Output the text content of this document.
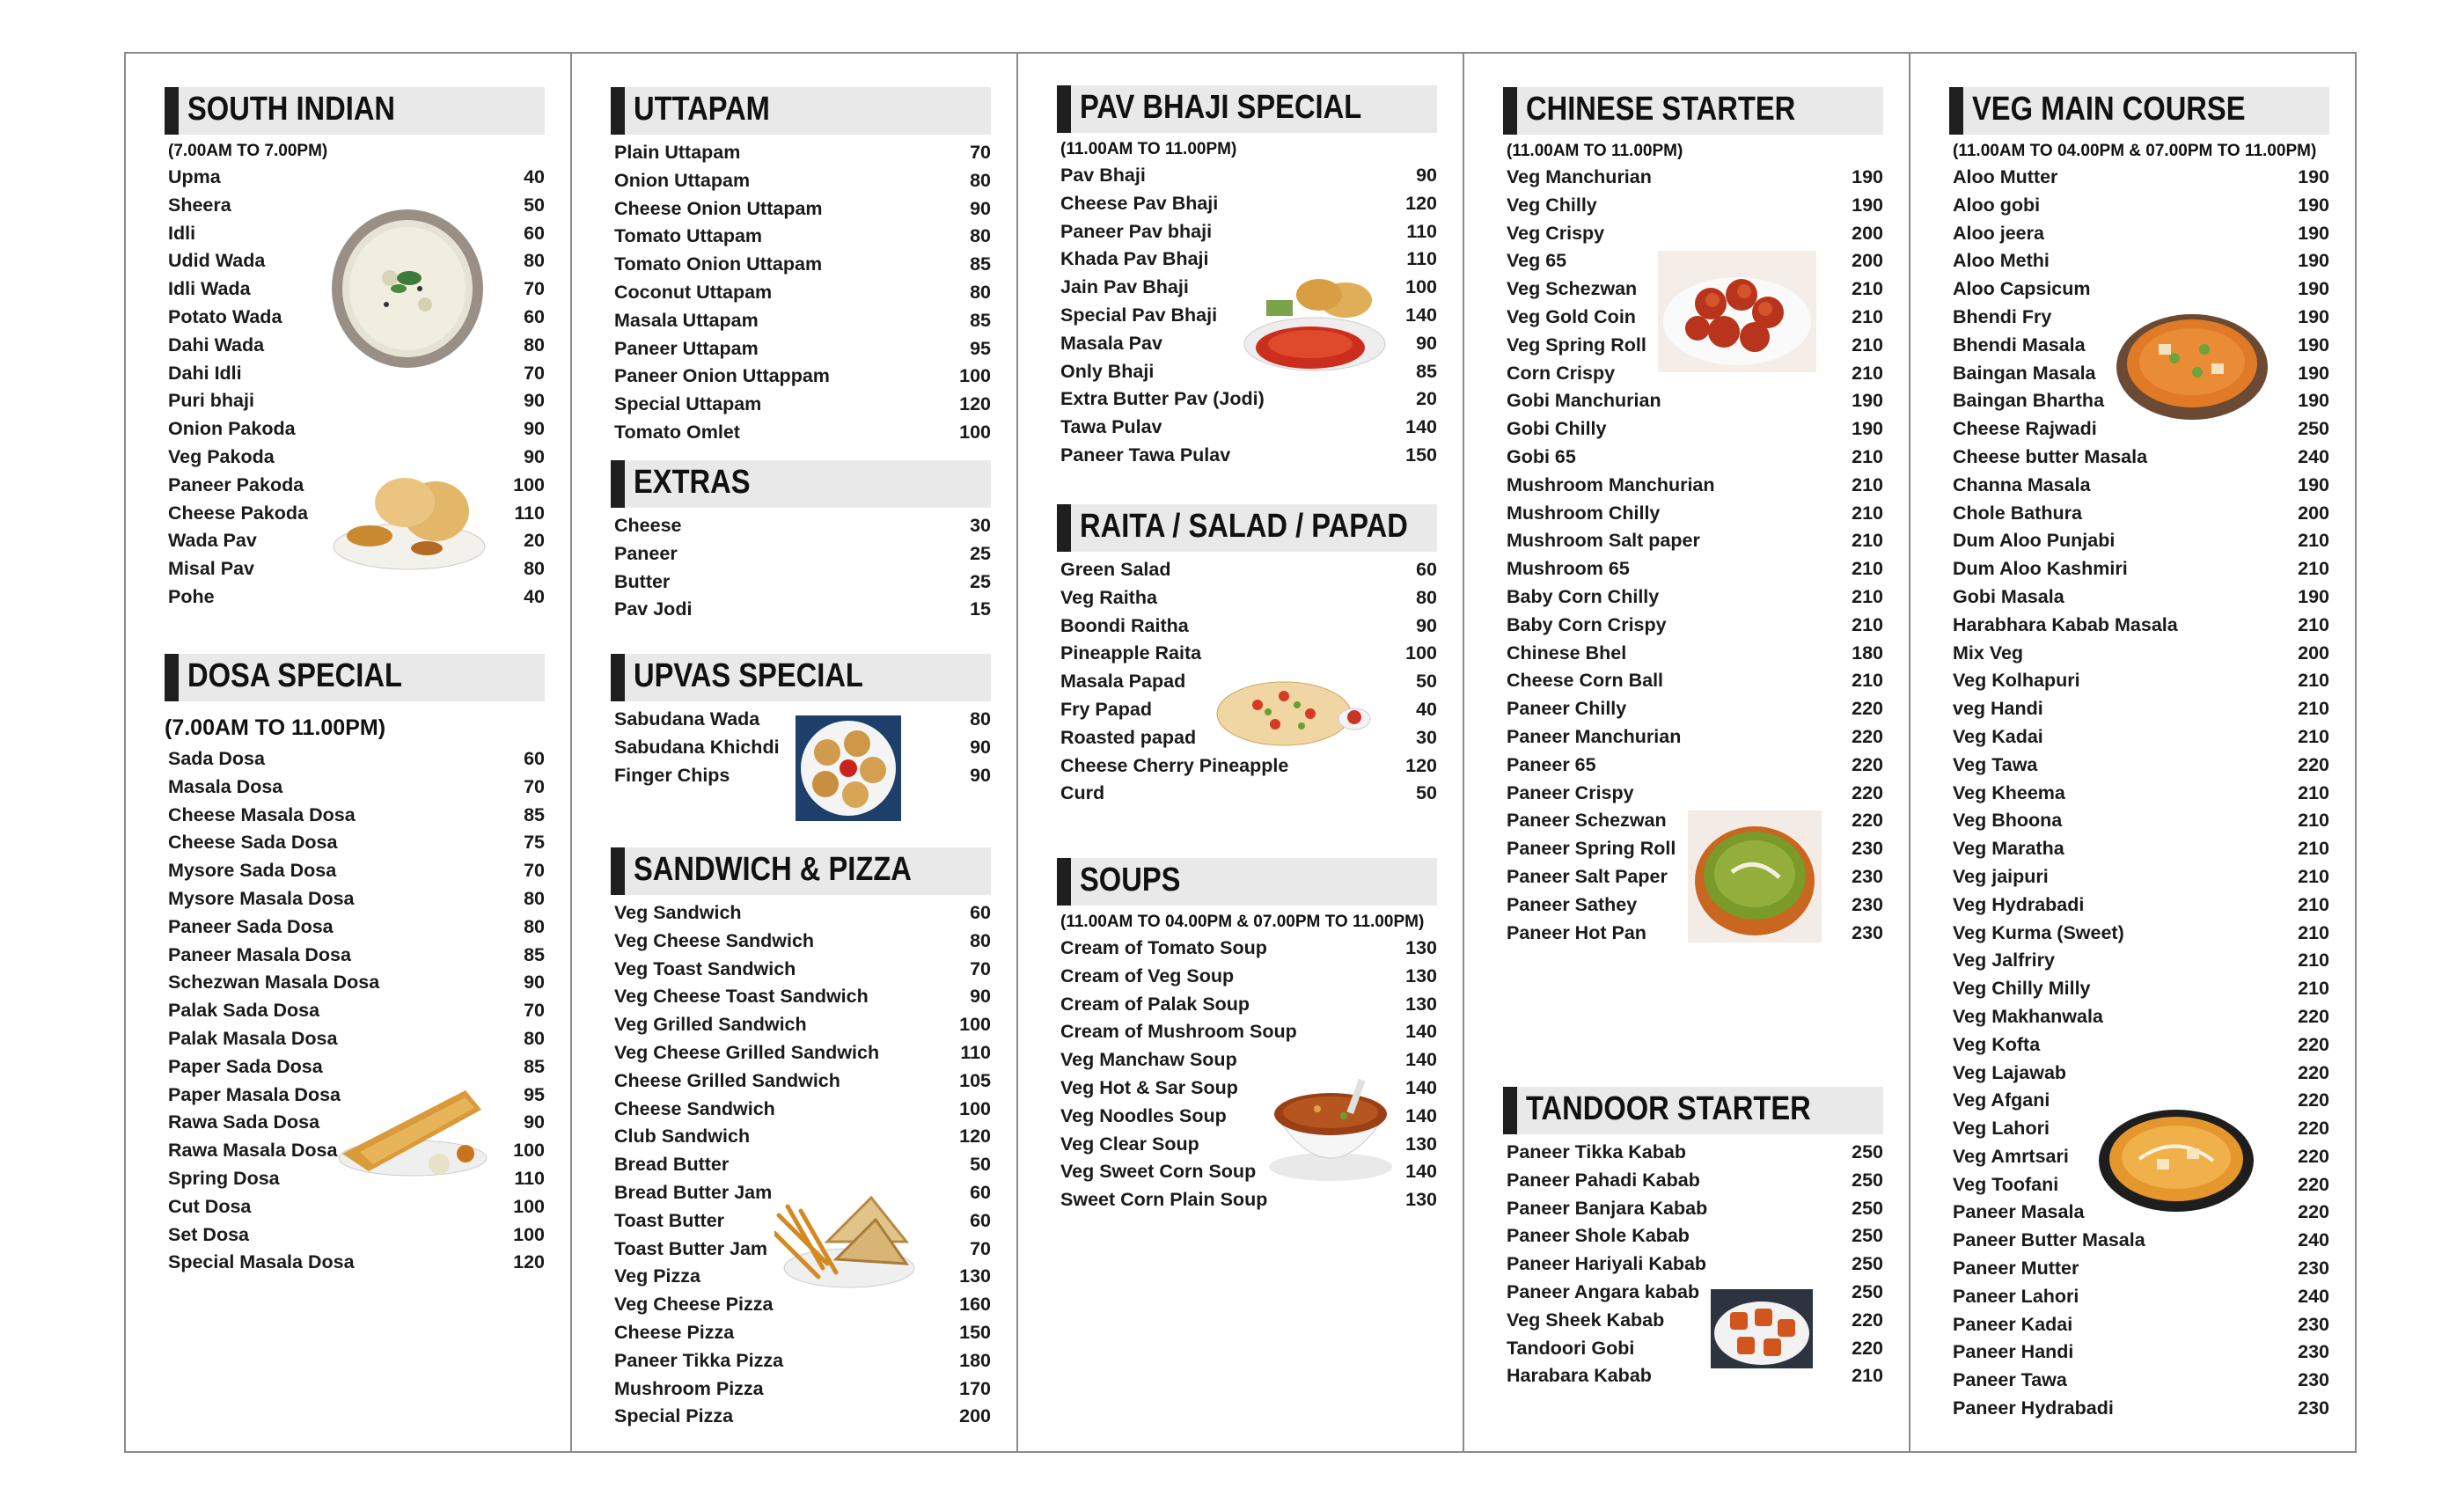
SOUTH INDIAN
(7.00AM TO 7.00PM)
Upma	40
Sheera	50
Idli	60
Udid Wada	80
Idli Wada	70
Potato Wada	60
Dahi Wada	80
Dahi Idli	70
Puri bhaji	90
Onion Pakoda	90
Veg Pakoda	90
Paneer Pakoda	100
Cheese Pakoda	110
Wada Pav	20
Misal Pav	80
Pohe	40
DOSA SPECIAL
(7.00AM TO 11.00PM)
Sada Dosa	60
Masala Dosa	70
Cheese Masala Dosa	85
Cheese Sada Dosa	75
Mysore Sada Dosa	70
Mysore Masala Dosa	80
Paneer Sada Dosa	80
Paneer Masala Dosa	85
Schezwan Masala Dosa	90
Palak Sada Dosa	70
Palak Masala Dosa	80
Paper Sada Dosa	85
Paper Masala Dosa	95
Rawa Sada Dosa	90
Rawa Masala Dosa	100
Spring Dosa	110
Cut Dosa	100
Set Dosa	100
Special Masala Dosa	120
UTTAPAM
Plain Uttapam	70
Onion Uttapam	80
Cheese Onion Uttapam	90
Tomato Uttapam	80
Tomato Onion Uttapam	85
Coconut Uttapam	80
Masala Uttapam	85
Paneer Uttapam	95
Paneer Onion Uttappam	100
Special Uttapam	120
Tomato Omlet	100
EXTRAS
Cheese	30
Paneer	25
Butter	25
Pav Jodi	15
UPVAS SPECIAL
Sabudana Wada	80
Sabudana Khichdi	90
Finger Chips	90
SANDWICH & PIZZA
Veg Sandwich	60
Veg Cheese Sandwich	80
Veg Toast Sandwich	70
Veg Cheese Toast Sandwich	90
Veg Grilled Sandwich	100
Veg Cheese Grilled Sandwich	110
Cheese Grilled Sandwich	105
Cheese Sandwich	100
Club Sandwich	120
Bread Butter	50
Bread Butter Jam	60
Toast Butter	60
Toast Butter Jam	70
Veg Pizza	130
Veg Cheese Pizza	160
Cheese Pizza	150
Paneer Tikka Pizza	180
Mushroom Pizza	170
Special Pizza	200
PAV BHAJI SPECIAL
(11.00AM TO 11.00PM)
Pav Bhaji	90
Cheese Pav Bhaji	120
Paneer Pav bhaji	110
Khada Pav Bhaji	110
Jain Pav Bhaji	100
Special Pav Bhaji	140
Masala Pav	90
Only Bhaji	85
Extra Butter Pav (Jodi)	20
Tawa Pulav	140
Paneer Tawa Pulav	150
RAITA / SALAD / PAPAD
Green Salad	60
Veg Raitha	80
Boondi Raitha	90
Pineapple Raita	100
Masala Papad	50
Fry Papad	40
Roasted papad	30
Cheese Cherry Pineapple	120
Curd	50
SOUPS
(11.00AM TO 04.00PM & 07.00PM TO 11.00PM)
Cream of Tomato Soup	130
Cream of Veg Soup	130
Cream of Palak Soup	130
Cream of Mushroom Soup	140
Veg Manchaw Soup	140
Veg Hot & Sar Soup	140
Veg Noodles Soup	140
Veg Clear Soup	130
Veg Sweet Corn Soup	140
Sweet Corn Plain Soup	130
CHINESE STARTER
(11.00AM TO 11.00PM)
Veg Manchurian	190
Veg Chilly	190
Veg Crispy	200
Veg 65	200
Veg Schezwan	210
Veg Gold Coin	210
Veg Spring Roll	210
Corn Crispy	210
Gobi Manchurian	190
Gobi Chilly	190
Gobi 65	210
Mushroom Manchurian	210
Mushroom Chilly	210
Mushroom Salt paper	210
Mushroom 65	210
Baby Corn Chilly	210
Baby Corn Crispy	210
Chinese Bhel	180
Cheese Corn Ball	210
Paneer Chilly	220
Paneer Manchurian	220
Paneer 65	220
Paneer Crispy	220
Paneer Schezwan	220
Paneer Spring Roll	230
Paneer Salt Paper	230
Paneer Sathey	230
Paneer Hot Pan	230
TANDOOR STARTER
Paneer Tikka Kabab	250
Paneer Pahadi Kabab	250
Paneer Banjara Kabab	250
Paneer Shole Kabab	250
Paneer Hariyali Kabab	250
Paneer Angara kabab	250
Veg Sheek Kabab	220
Tandoori Gobi	220
Harabara Kabab	210
VEG MAIN COURSE
(11.00AM TO 04.00PM & 07.00PM TO 11.00PM)
Aloo Mutter	190
Aloo gobi	190
Aloo jeera	190
Aloo Methi	190
Aloo Capsicum	190
Bhendi Fry	190
Bhendi Masala	190
Baingan Masala	190
Baingan Bhartha	190
Cheese Rajwadi	250
Cheese butter Masala	240
Channa Masala	190
Chole Bathura	200
Dum Aloo Punjabi	210
Dum Aloo Kashmiri	210
Gobi Masala	190
Harabhara Kabab Masala	210
Mix Veg	200
Veg Kolhapuri	210
veg Handi	210
Veg Kadai	210
Veg Tawa	220
Veg Kheema	210
Veg Bhoona	210
Veg Maratha	210
Veg jaipuri	210
Veg Hydrabadi	210
Veg Kurma (Sweet)	210
Veg Jalfriry	210
Veg Chilly Milly	210
Veg Makhanwala	220
Veg Kofta	220
Veg Lajawab	220
Veg Afgani	220
Veg Lahori	220
Veg Amrtsari	220
Veg Toofani	220
Paneer Masala	220
Paneer Butter Masala	240
Paneer Mutter	230
Paneer Lahori	240
Paneer Kadai	230
Paneer Handi	230
Paneer Tawa	230
Paneer Hydrabadi	230
